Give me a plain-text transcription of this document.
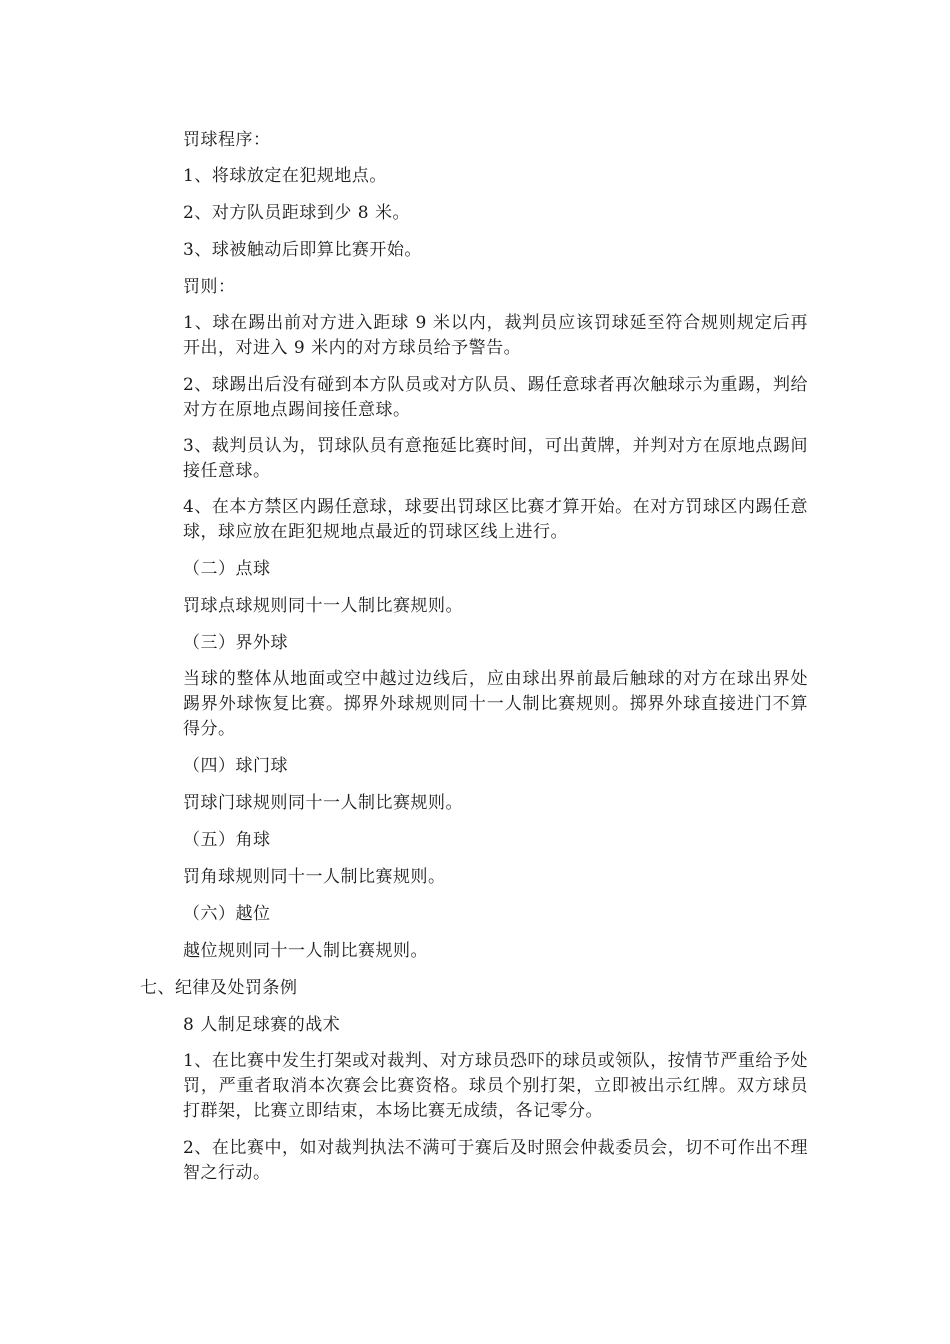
罚球程序：
1、将球放定在犯规地点。
2、对方队员距球到少 8 米。
3、球被触动后即算比赛开始。
罚则：
1、球在踢出前对方进入距球 9 米以内，裁判员应该罚球延至符合规则规定后再开出，对进入 9 米内的对方球员给予警告。
2、球踢出后没有碰到本方队员或对方队员、踢任意球者再次触球示为重踢，判给对方在原地点踢间接任意球。
3、裁判员认为，罚球队员有意拖延比赛时间，可出黄牌，并判对方在原地点踢间接任意球。
4、在本方禁区内踢任意球，球要出罚球区比赛才算开始。在对方罚球区内踢任意球，球应放在距犯规地点最近的罚球区线上进行。
（二）点球
罚球点球规则同十一人制比赛规则。
（三）界外球
当球的整体从地面或空中越过边线后，应由球出界前最后触球的对方在球出界处踢界外球恢复比赛。掷界外球规则同十一人制比赛规则。掷界外球直接进门不算得分。
（四）球门球
罚球门球规则同十一人制比赛规则。
（五）角球
罚角球规则同十一人制比赛规则。
（六）越位
越位规则同十一人制比赛规则。
七、纪律及处罚条例
8 人制足球赛的战术
1、在比赛中发生打架或对裁判、对方球员恐吓的球员或领队，按情节严重给予处罚，严重者取消本次赛会比赛资格。球员个别打架，立即被出示红牌。双方球员打群架，比赛立即结束，本场比赛无成绩，各记零分。
2、在比赛中，如对裁判执法不满可于赛后及时照会仲裁委员会，切不可作出不理智之行动。
